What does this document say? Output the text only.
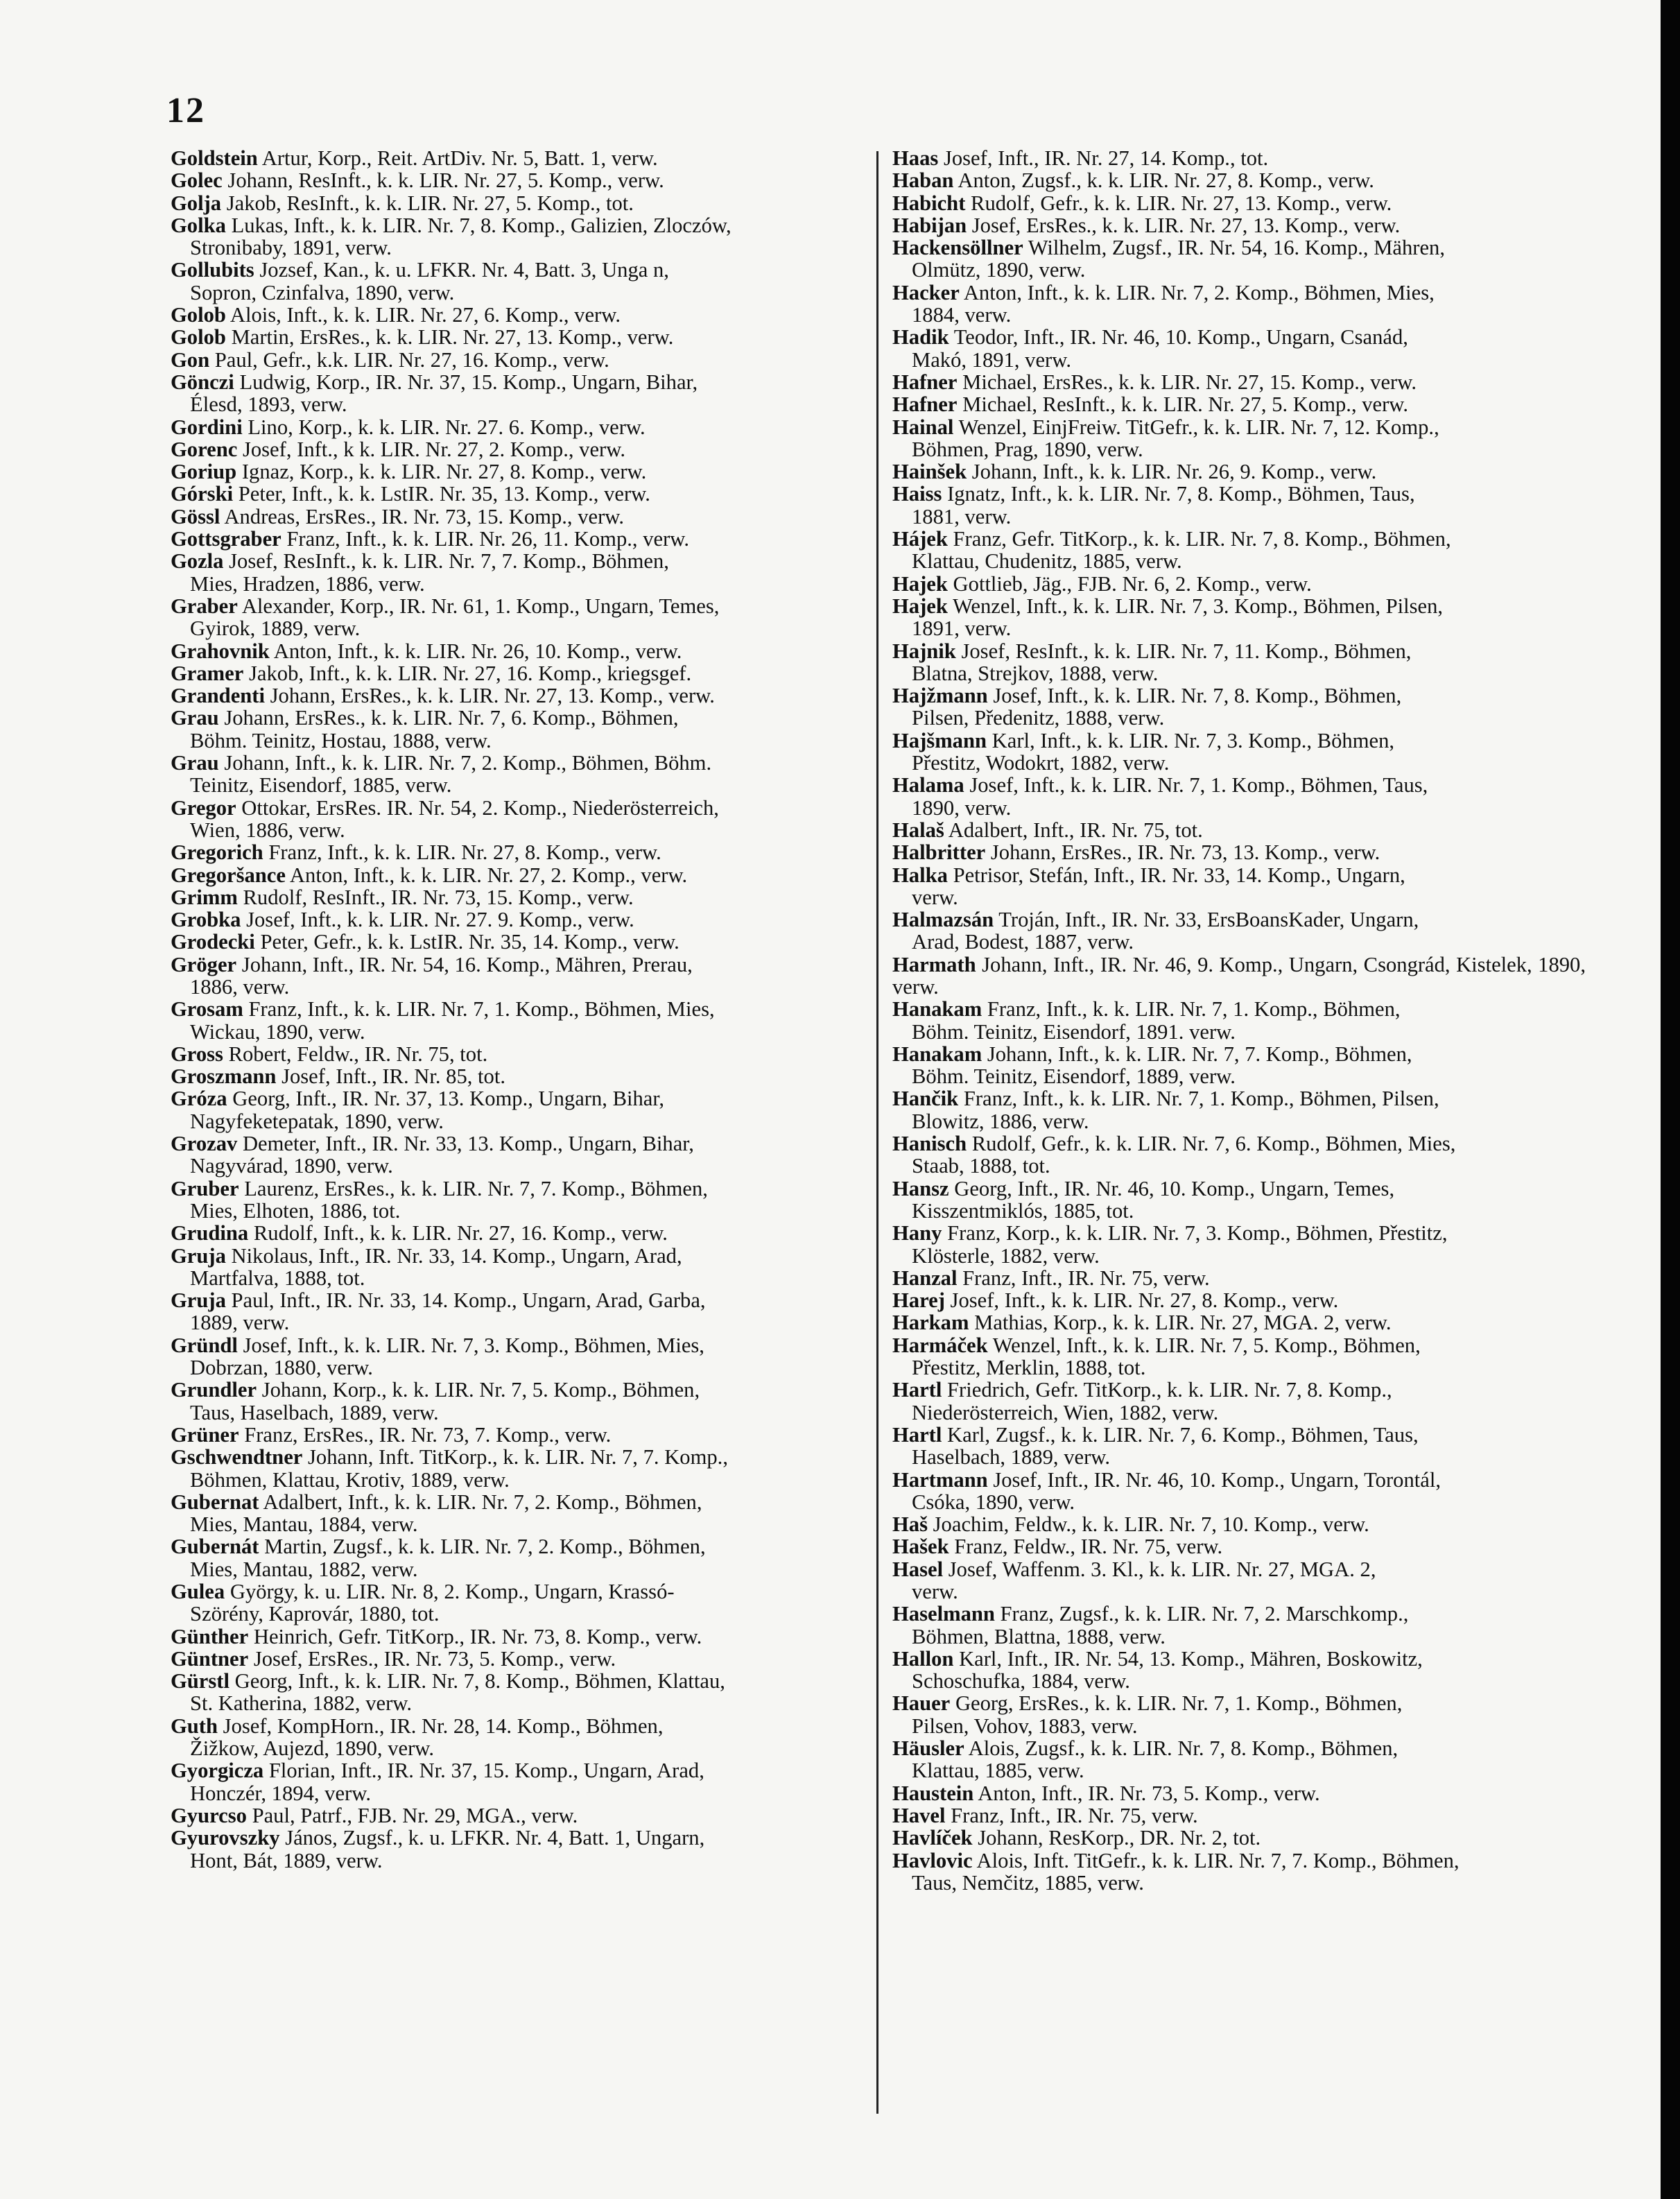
12
Goldstein Artur, Korp., Reit. ArtDiv. Nr. 5, Batt. 1, verw.
Golec Johann, ResInft., k. k. LIR. Nr. 27, 5. Komp., verw.
Golja Jakob, ResInft., k. k. LIR. Nr. 27, 5. Komp., tot.
Golka Lukas, Inft., k. k. LIR. Nr. 7, 8. Komp., Galizien, Zloczów,
Stronibaby, 1891, verw.
Gollubits Jozsef, Kan., k. u. LFKR. Nr. 4, Batt. 3, Unga n,
Sopron, Czinfalva, 1890, verw.
Golob Alois, Inft., k. k. LIR. Nr. 27, 6. Komp., verw.
Golob Martin, ErsRes., k. k. LIR. Nr. 27, 13. Komp., verw.
Gon Paul, Gefr., k.k. LIR. Nr. 27, 16. Komp., verw.
Gönczi Ludwig, Korp., IR. Nr. 37, 15. Komp., Ungarn, Bihar,
Élesd, 1893, verw.
Gordini Lino, Korp., k. k. LIR. Nr. 27. 6. Komp., verw.
Gorenc Josef, Inft., k k. LIR. Nr. 27, 2. Komp., verw.
Goriup Ignaz, Korp., k. k. LIR. Nr. 27, 8. Komp., verw.
Górski Peter, Inft., k. k. LstIR. Nr. 35, 13. Komp., verw.
Gössl Andreas, ErsRes., IR. Nr. 73, 15. Komp., verw.
Gottsgraber Franz, Inft., k. k. LIR. Nr. 26, 11. Komp., verw.
Gozla Josef, ResInft., k. k. LIR. Nr. 7, 7. Komp., Böhmen,
Mies, Hradzen, 1886, verw.
Graber Alexander, Korp., IR. Nr. 61, 1. Komp., Ungarn, Temes,
Gyirok, 1889, verw.
Grahovnik Anton, Inft., k. k. LIR. Nr. 26, 10. Komp., verw.
Gramer Jakob, Inft., k. k. LIR. Nr. 27, 16. Komp., kriegsgef.
Grandenti Johann, ErsRes., k. k. LIR. Nr. 27, 13. Komp., verw.
Grau Johann, ErsRes., k. k. LIR. Nr. 7, 6. Komp., Böhmen,
Böhm. Teinitz, Hostau, 1888, verw.
Grau Johann, Inft., k. k. LIR. Nr. 7, 2. Komp., Böhmen, Böhm.
Teinitz, Eisendorf, 1885, verw.
Gregor Ottokar, ErsRes. IR. Nr. 54, 2. Komp., Niederösterreich,
Wien, 1886, verw.
Gregorich Franz, Inft., k. k. LIR. Nr. 27, 8. Komp., verw.
Gregoršance Anton, Inft., k. k. LIR. Nr. 27, 2. Komp., verw.
Grimm Rudolf, ResInft., IR. Nr. 73, 15. Komp., verw.
Grobka Josef, Inft., k. k. LIR. Nr. 27. 9. Komp., verw.
Grodecki Peter, Gefr., k. k. LstIR. Nr. 35, 14. Komp., verw.
Gröger Johann, Inft., IR. Nr. 54, 16. Komp., Mähren, Prerau,
1886, verw.
Grosam Franz, Inft., k. k. LIR. Nr. 7, 1. Komp., Böhmen, Mies,
Wickau, 1890, verw.
Gross Robert, Feldw., IR. Nr. 75, tot.
Groszmann Josef, Inft., IR. Nr. 85, tot.
Gróza Georg, Inft., IR. Nr. 37, 13. Komp., Ungarn, Bihar,
Nagyfeketepatak, 1890, verw.
Grozav Demeter, Inft., IR. Nr. 33, 13. Komp., Ungarn, Bihar,
Nagyvárad, 1890, verw.
Gruber Laurenz, ErsRes., k. k. LIR. Nr. 7, 7. Komp., Böhmen,
Mies, Elhoten, 1886, tot.
Grudina Rudolf, Inft., k. k. LIR. Nr. 27, 16. Komp., verw.
Gruja Nikolaus, Inft., IR. Nr. 33, 14. Komp., Ungarn, Arad,
Martfalva, 1888, tot.
Gruja Paul, Inft., IR. Nr. 33, 14. Komp., Ungarn, Arad, Garba,
1889, verw.
Gründl Josef, Inft., k. k. LIR. Nr. 7, 3. Komp., Böhmen, Mies,
Dobrzan, 1880, verw.
Grundler Johann, Korp., k. k. LIR. Nr. 7, 5. Komp., Böhmen,
Taus, Haselbach, 1889, verw.
Grüner Franz, ErsRes., IR. Nr. 73, 7. Komp., verw.
Gschwendtner Johann, Inft. TitKorp., k. k. LIR. Nr. 7, 7. Komp.,
Böhmen, Klattau, Krotiv, 1889, verw.
Gubernat Adalbert, Inft., k. k. LIR. Nr. 7, 2. Komp., Böhmen,
Mies, Mantau, 1884, verw.
Gubernát Martin, Zugsf., k. k. LIR. Nr. 7, 2. Komp., Böhmen,
Mies, Mantau, 1882, verw.
Gulea György, k. u. LIR. Nr. 8, 2. Komp., Ungarn, Krassó-
Szörény, Kaprovár, 1880, tot.
Günther Heinrich, Gefr. TitKorp., IR. Nr. 73, 8. Komp., verw.
Güntner Josef, ErsRes., IR. Nr. 73, 5. Komp., verw.
Gürstl Georg, Inft., k. k. LIR. Nr. 7, 8. Komp., Böhmen, Klattau,
St. Katherina, 1882, verw.
Guth Josef, KompHorn., IR. Nr. 28, 14. Komp., Böhmen,
Žižkow, Aujezd, 1890, verw.
Gyorgicza Florian, Inft., IR. Nr. 37, 15. Komp., Ungarn, Arad,
Honczér, 1894, verw.
Gyurcso Paul, Patrf., FJB. Nr. 29, MGA., verw.
Gyurovszky János, Zugsf., k. u. LFKR. Nr. 4, Batt. 1, Ungarn,
Hont, Bát, 1889, verw.
Haas Josef, Inft., IR. Nr. 27, 14. Komp., tot.
Haban Anton, Zugsf., k. k. LIR. Nr. 27, 8. Komp., verw.
Habicht Rudolf, Gefr., k. k. LIR. Nr. 27, 13. Komp., verw.
Habijan Josef, ErsRes., k. k. LIR. Nr. 27, 13. Komp., verw.
Hackensöllner Wilhelm, Zugsf., IR. Nr. 54, 16. Komp., Mähren,
Olmütz, 1890, verw.
Hacker Anton, Inft., k. k. LIR. Nr. 7, 2. Komp., Böhmen, Mies,
1884, verw.
Hadik Teodor, Inft., IR. Nr. 46, 10. Komp., Ungarn, Csanád,
Makó, 1891, verw.
Hafner Michael, ErsRes., k. k. LIR. Nr. 27, 15. Komp., verw.
Hafner Michael, ResInft., k. k. LIR. Nr. 27, 5. Komp., verw.
Hainal Wenzel, EinjFreiw. TitGefr., k. k. LIR. Nr. 7, 12. Komp.,
Böhmen, Prag, 1890, verw.
Hainšek Johann, Inft., k. k. LIR. Nr. 26, 9. Komp., verw.
Haiss Ignatz, Inft., k. k. LIR. Nr. 7, 8. Komp., Böhmen, Taus,
1881, verw.
Hájek Franz, Gefr. TitKorp., k. k. LIR. Nr. 7, 8. Komp., Böhmen,
Klattau, Chudenitz, 1885, verw.
Hajek Gottlieb, Jäg., FJB. Nr. 6, 2. Komp., verw.
Hajek Wenzel, Inft., k. k. LIR. Nr. 7, 3. Komp., Böhmen, Pilsen,
1891, verw.
Hajnik Josef, ResInft., k. k. LIR. Nr. 7, 11. Komp., Böhmen,
Blatna, Strejkov, 1888, verw.
Hajžmann Josef, Inft., k. k. LIR. Nr. 7, 8. Komp., Böhmen,
Pilsen, Předenitz, 1888, verw.
Hajšmann Karl, Inft., k. k. LIR. Nr. 7, 3. Komp., Böhmen,
Přestitz, Wodokrt, 1882, verw.
Halama Josef, Inft., k. k. LIR. Nr. 7, 1. Komp., Böhmen, Taus,
1890, verw.
Halaš Adalbert, Inft., IR. Nr. 75, tot.
Halbritter Johann, ErsRes., IR. Nr. 73, 13. Komp., verw.
Halka Petrisor, Stefán, Inft., IR. Nr. 33, 14. Komp., Ungarn,
verw.
Halmazsán Troján, Inft., IR. Nr. 33, ErsBoansKader, Ungarn,
Arad, Bodest, 1887, verw.
Harmath Johann, Inft., IR. Nr. 46, 9. Komp., Ungarn, Csongrád, Kistelek, 1890, verw.
Hanakam Franz, Inft., k. k. LIR. Nr. 7, 1. Komp., Böhmen,
Böhm. Teinitz, Eisendorf, 1891. verw.
Hanakam Johann, Inft., k. k. LIR. Nr. 7, 7. Komp., Böhmen,
Böhm. Teinitz, Eisendorf, 1889, verw.
Hančik Franz, Inft., k. k. LIR. Nr. 7, 1. Komp., Böhmen, Pilsen,
Blowitz, 1886, verw.
Hanisch Rudolf, Gefr., k. k. LIR. Nr. 7, 6. Komp., Böhmen, Mies,
Staab, 1888, tot.
Hansz Georg, Inft., IR. Nr. 46, 10. Komp., Ungarn, Temes,
Kisszentmiklós, 1885, tot.
Hany Franz, Korp., k. k. LIR. Nr. 7, 3. Komp., Böhmen, Přestitz,
Klösterle, 1882, verw.
Hanzal Franz, Inft., IR. Nr. 75, verw.
Harej Josef, Inft., k. k. LIR. Nr. 27, 8. Komp., verw.
Harkam Mathias, Korp., k. k. LIR. Nr. 27, MGA. 2, verw.
Harmáček Wenzel, Inft., k. k. LIR. Nr. 7, 5. Komp., Böhmen,
Přestitz, Merklin, 1888, tot.
Hartl Friedrich, Gefr. TitKorp., k. k. LIR. Nr. 7, 8. Komp.,
Niederösterreich, Wien, 1882, verw.
Hartl Karl, Zugsf., k. k. LIR. Nr. 7, 6. Komp., Böhmen, Taus,
Haselbach, 1889, verw.
Hartmann Josef, Inft., IR. Nr. 46, 10. Komp., Ungarn, Torontál,
Csóka, 1890, verw.
Haš Joachim, Feldw., k. k. LIR. Nr. 7, 10. Komp., verw.
Hašek Franz, Feldw., IR. Nr. 75, verw.
Hasel Josef, Waffenm. 3. Kl., k. k. LIR. Nr. 27, MGA. 2,
verw.
Haselmann Franz, Zugsf., k. k. LIR. Nr. 7, 2. Marschkomp.,
Böhmen, Blattna, 1888, verw.
Hallon Karl, Inft., IR. Nr. 54, 13. Komp., Mähren, Boskowitz,
Schoschufka, 1884, verw.
Hauer Georg, ErsRes., k. k. LIR. Nr. 7, 1. Komp., Böhmen,
Pilsen, Vohov, 1883, verw.
Häusler Alois, Zugsf., k. k. LIR. Nr. 7, 8. Komp., Böhmen,
Klattau, 1885, verw.
Haustein Anton, Inft., IR. Nr. 73, 5. Komp., verw.
Havel Franz, Inft., IR. Nr. 75, verw.
Havlíček Johann, ResKorp., DR. Nr. 2, tot.
Havlovic Alois, Inft. TitGefr., k. k. LIR. Nr. 7, 7. Komp., Böhmen,
Taus, Nemčitz, 1885, verw.
